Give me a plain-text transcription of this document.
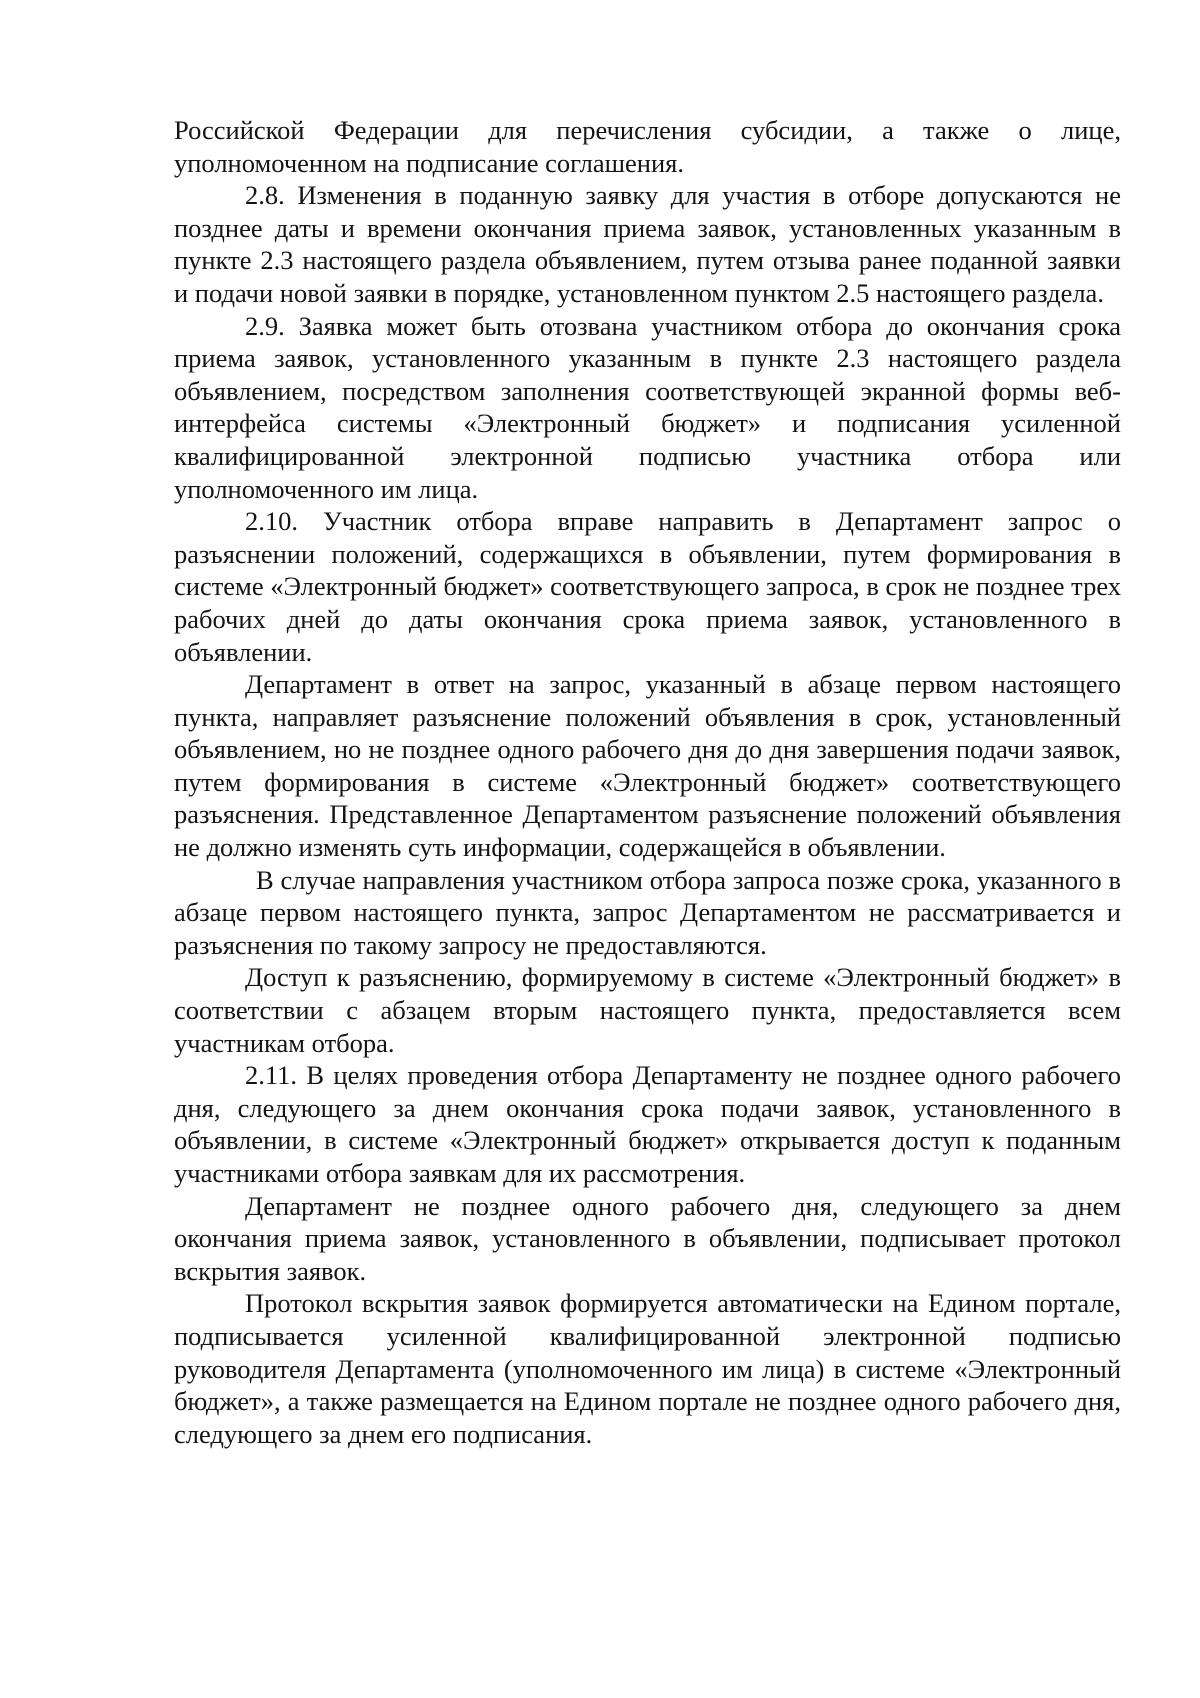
Российской Федерации для перечисления субсидии, а также о лице, уполномоченном на подписание соглашения.

2.8. Изменения в поданную заявку для участия в отборе допускаются не позднее даты и времени окончания приема заявок, установленных указанным в пункте 2.3 настоящего раздела объявлением, путем отзыва ранее поданной заявки и подачи новой заявки в порядке, установленном пунктом 2.5 настоящего раздела.

2.9. Заявка может быть отозвана участником отбора до окончания срока приема заявок, установленного указанным в пункте 2.3 настоящего раздела объявлением, посредством заполнения соответствующей экранной формы веб-интерфейса системы «Электронный бюджет» и подписания усиленной квалифицированной электронной подписью участника отбора или уполномоченного им лица.

2.10. Участник отбора вправе направить в Департамент запрос о разъяснении положений, содержащихся в объявлении, путем формирования в системе «Электронный бюджет» соответствующего запроса, в срок не позднее трех рабочих дней до даты окончания срока приема заявок, установленного в объявлении.

Департамент в ответ на запрос, указанный в абзаце первом настоящего пункта, направляет разъяснение положений объявления в срок, установленный объявлением, но не позднее одного рабочего дня до дня завершения подачи заявок, путем формирования в системе «Электронный бюджет» соответствующего разъяснения. Представленное Департаментом разъяснение положений объявления не должно изменять суть информации, содержащейся в объявлении.

В случае направления участником отбора запроса позже срока, указанного в абзаце первом настоящего пункта, запрос Департаментом не рассматривается и разъяснения по такому запросу не предоставляются.

Доступ к разъяснению, формируемому в системе «Электронный бюджет» в соответствии с абзацем вторым настоящего пункта, предоставляется всем участникам отбора.

2.11. В целях проведения отбора Департаменту не позднее одного рабочего дня, следующего за днем окончания срока подачи заявок, установленного в объявлении, в системе «Электронный бюджет» открывается доступ к поданным участниками отбора заявкам для их рассмотрения.

Департамент не позднее одного рабочего дня, следующего за днем окончания приема заявок, установленного в объявлении, подписывает протокол вскрытия заявок.

Протокол вскрытия заявок формируется автоматически на Едином портале, подписывается усиленной квалифицированной электронной подписью руководителя Департамента (уполномоченного им лица) в системе «Электронный бюджет», а также размещается на Едином портале не позднее одного рабочего дня, следующего за днем его подписания.
